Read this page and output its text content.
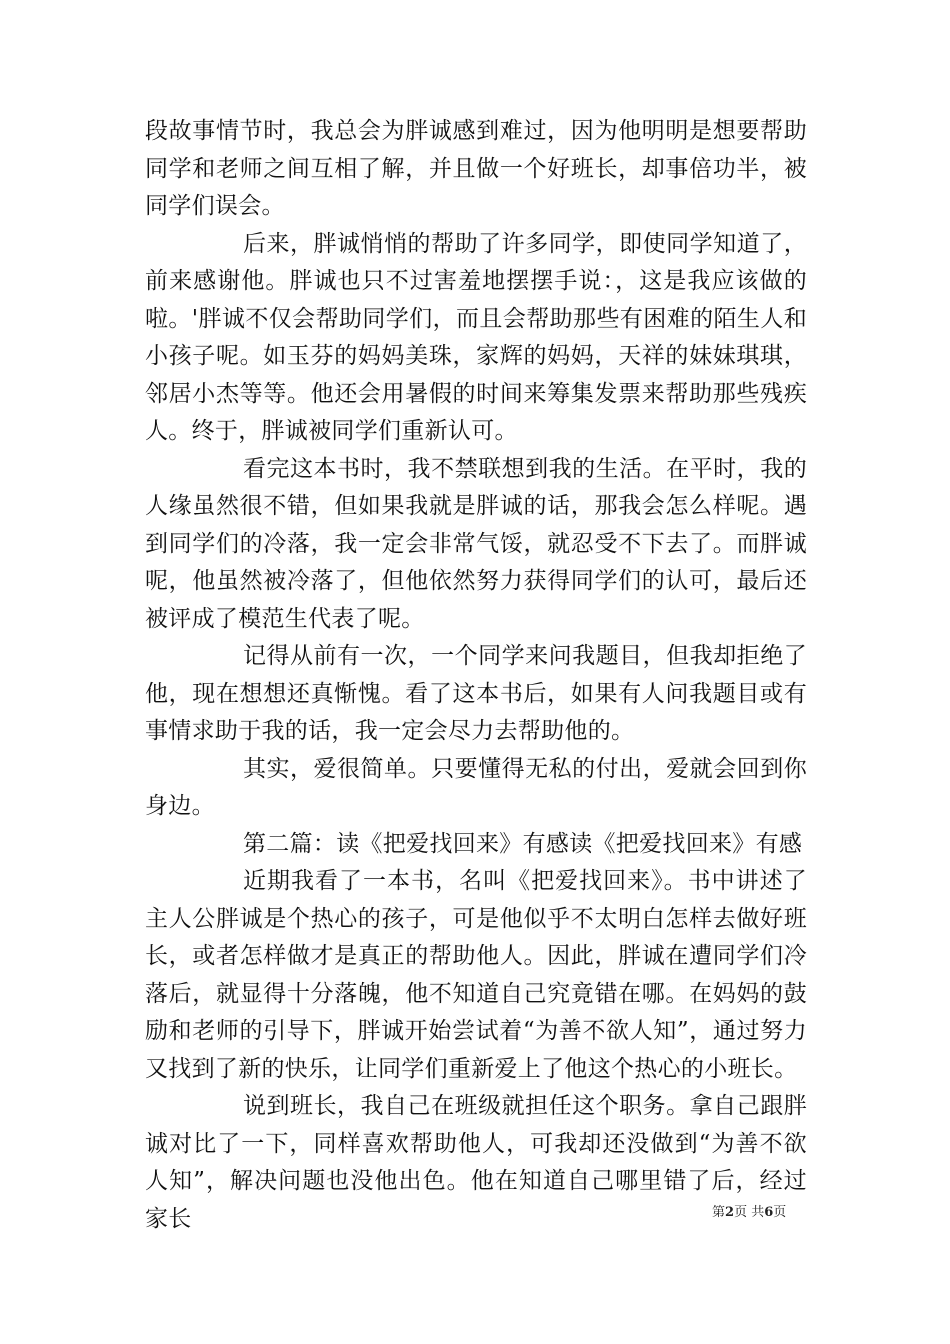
段故事情节时，我总会为胖诚感到难过，因为他明明是想要帮助同学和老师之间互相了解，并且做一个好班长，却事倍功半，被同学们误会。

后来，胖诚悄悄的帮助了许多同学，即使同学知道了，前来感谢他。胖诚也只不过害羞地摆摆手说：，这是我应该做的啦。'胖诚不仅会帮助同学们，而且会帮助那些有困难的陌生人和小孩子呢。如玉芬的妈妈美珠，家辉的妈妈，天祥的妹妹琪琪，邻居小杰等等。他还会用暑假的时间来筹集发票来帮助那些残疾人。终于，胖诚被同学们重新认可。

看完这本书时，我不禁联想到我的生活。在平时，我的人缘虽然很不错，但如果我就是胖诚的话，那我会怎么样呢。遇到同学们的冷落，我一定会非常气馁，就忍受不下去了。而胖诚呢，他虽然被冷落了，但他依然努力获得同学们的认可，最后还被评成了模范生代表了呢。

记得从前有一次，一个同学来问我题目，但我却拒绝了他，现在想想还真惭愧。看了这本书后，如果有人问我题目或有事情求助于我的话，我一定会尽力去帮助他的。

其实，爱很简单。只要懂得无私的付出，爱就会回到你身边。

第二篇：读《把爱找回来》有感读《把爱找回来》有感

近期我看了一本书，名叫《把爱找回来》。书中讲述了主人公胖诚是个热心的孩子，可是他似乎不太明白怎样去做好班长，或者怎样做才是真正的帮助他人。因此，胖诚在遭同学们冷落后，就显得十分落魄，他不知道自己究竟错在哪。在妈妈的鼓励和老师的引导下，胖诚开始尝试着“为善不欲人知”，通过努力又找到了新的快乐，让同学们重新爱上了他这个热心的小班长。

说到班长，我自己在班级就担任这个职务。拿自己跟胖诚对比了一下，同样喜欢帮助他人，可我却还没做到“为善不欲人知”，解决问题也没他出色。他在知道自己哪里错了后，经过家长	第2页 共6页
